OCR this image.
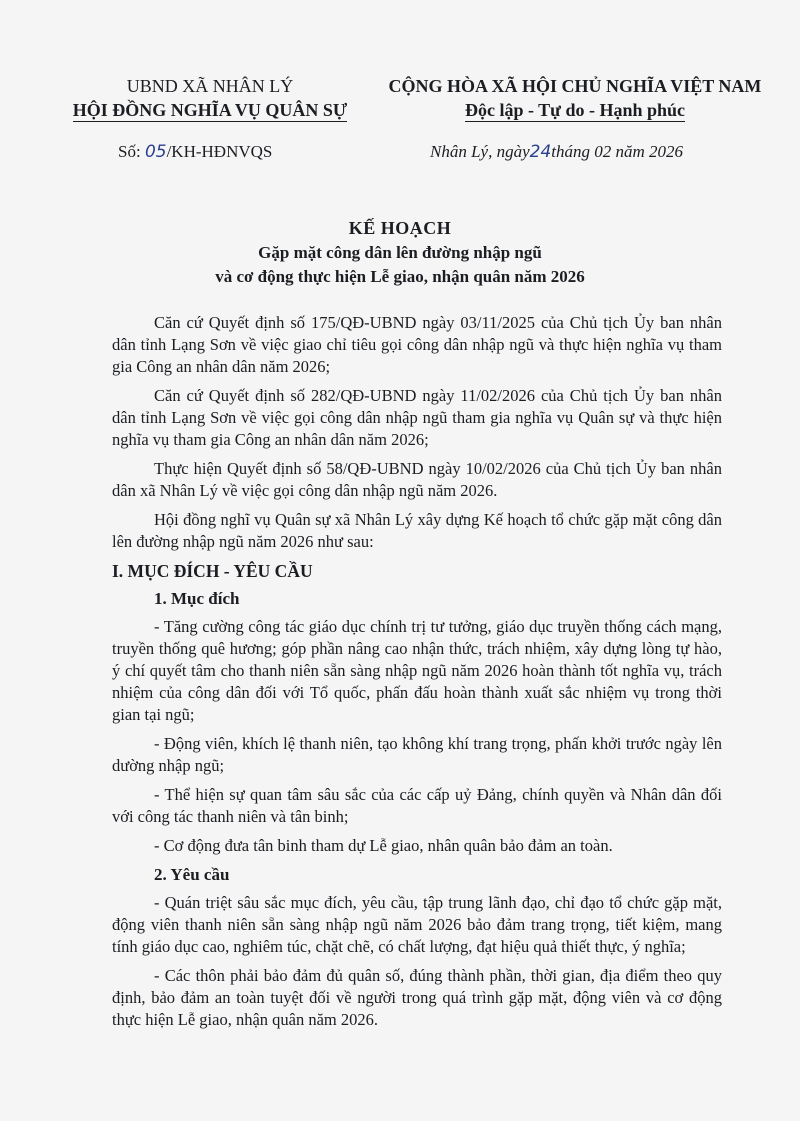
UBND XÃ NHÂN LÝ
HỘI ĐỒNG NGHĨA VỤ QUÂN SỰ
CỘNG HÒA XÃ HỘI CHỦ NGHĨA VIỆT NAM
Độc lập - Tự do - Hạnh phúc
Số: 05/KH-HĐNVQS	Nhân Lý, ngày24tháng 02 năm 2026
KẾ HOẠCH
Gặp mặt công dân lên đường nhập ngũ
và cơ động thực hiện Lễ giao, nhận quân năm 2026

Căn cứ Quyết định số 175/QĐ-UBND ngày 03/11/2025 của Chủ tịch Ủy ban nhân dân tỉnh Lạng Sơn về việc giao chỉ tiêu gọi công dân nhập ngũ và thực hiện nghĩa vụ tham gia Công an nhân dân năm 2026;

Căn cứ Quyết định số 282/QĐ-UBND ngày 11/02/2026 của Chủ tịch Ủy ban nhân dân tỉnh Lạng Sơn về việc gọi công dân nhập ngũ tham gia nghĩa vụ Quân sự và thực hiện nghĩa vụ tham gia Công an nhân dân năm 2026;

Thực hiện Quyết định số 58/QĐ-UBND ngày 10/02/2026 của Chủ tịch Ủy ban nhân dân xã Nhân Lý về việc gọi công dân nhập ngũ năm 2026.

Hội đồng nghĩ vụ Quân sự xã Nhân Lý xây dựng Kế hoạch tổ chức gặp mặt công dân lên đường nhập ngũ năm 2026 như sau:

I. MỤC ĐÍCH - YÊU CẦU
1. Mục đích

- Tăng cường công tác giáo dục chính trị tư tưởng, giáo dục truyền thống cách mạng, truyền thống quê hương; góp phần nâng cao nhận thức, trách nhiệm, xây dựng lòng tự hào, ý chí quyết tâm cho thanh niên sẵn sàng nhập ngũ năm 2026 hoàn thành tốt nghĩa vụ, trách nhiệm của công dân đối với Tổ quốc, phấn đấu hoàn thành xuất sắc nhiệm vụ trong thời gian tại ngũ;

- Động viên, khích lệ thanh niên, tạo không khí trang trọng, phấn khởi trước ngày lên dường nhập ngũ;

- Thể hiện sự quan tâm sâu sắc của các cấp uỷ Đảng, chính quyền và Nhân dân đối với công tác thanh niên và tân binh;

- Cơ động đưa tân binh tham dự Lễ giao, nhân quân bảo đảm an toàn.

2. Yêu cầu

- Quán triệt sâu sắc mục đích, yêu cầu, tập trung lãnh đạo, chỉ đạo tổ chức gặp mặt, động viên thanh niên sẵn sàng nhập ngũ năm 2026 bảo đảm trang trọng, tiết kiệm, mang tính giáo dục cao, nghiêm túc, chặt chẽ, có chất lượng, đạt hiệu quả thiết thực, ý nghĩa;

- Các thôn phải bảo đảm đủ quân số, đúng thành phần, thời gian, địa điểm theo quy định, bảo đảm an toàn tuyệt đối về người trong quá trình gặp mặt, động viên và cơ động thực hiện Lễ giao, nhận quân năm 2026.
